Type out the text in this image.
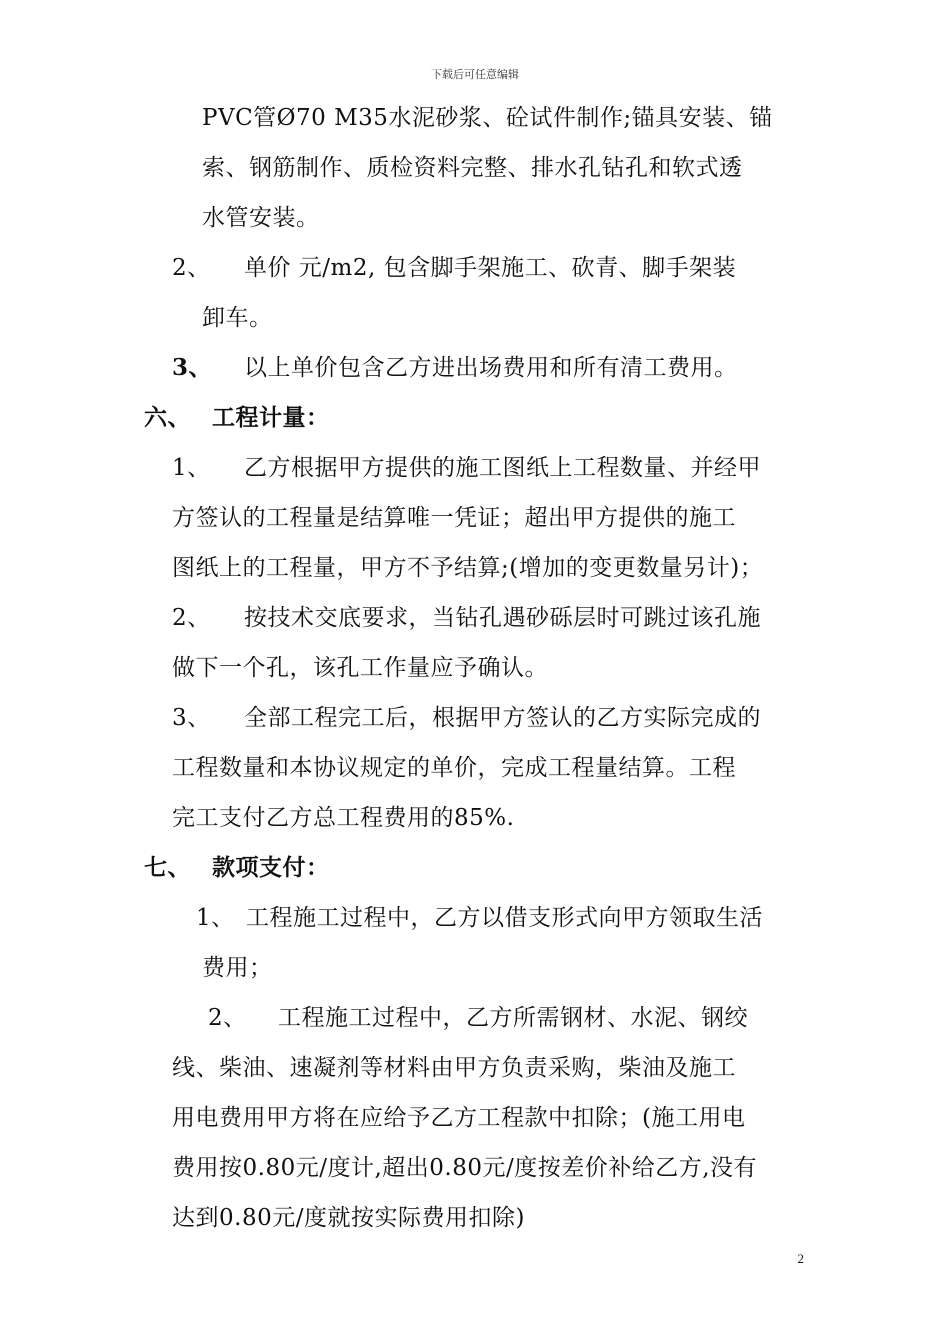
下载后可任意编辑
PVC管Ø70 M35水泥砂浆、砼试件制作;锚具安装、锚
索、钢筋制作、质检资料完整、排水孔钻孔和软式透
水管安装。
2、 单价 元/m2, 包含脚手架施工、砍青、脚手架装
卸车。
3、 以上单价包含乙方进出场费用和所有清工费用。
六、 工程计量：
1、 乙方根据甲方提供的施工图纸上工程数量、并经甲
方签认的工程量是结算唯一凭证；超出甲方提供的施工
图纸上的工程量，甲方不予结算;(增加的变更数量另计)；
2、 按技术交底要求，当钻孔遇砂砾层时可跳过该孔施
做下一个孔，该孔工作量应予确认。
3、 全部工程完工后，根据甲方签认的乙方实际完成的
工程数量和本协议规定的单价，完成工程量结算。工程
完工支付乙方总工程费用的85%.
七、 款项支付：
1、 工程施工过程中，乙方以借支形式向甲方领取生活
费用；
2、 工程施工过程中，乙方所需钢材、水泥、钢绞
线、柴油、速凝剂等材料由甲方负责采购，柴油及施工
用电费用甲方将在应给予乙方工程款中扣除；(施工用电
费用按0.80元/度计,超出0.80元/度按差价补给乙方,没有
达到0.80元/度就按实际费用扣除)
2
